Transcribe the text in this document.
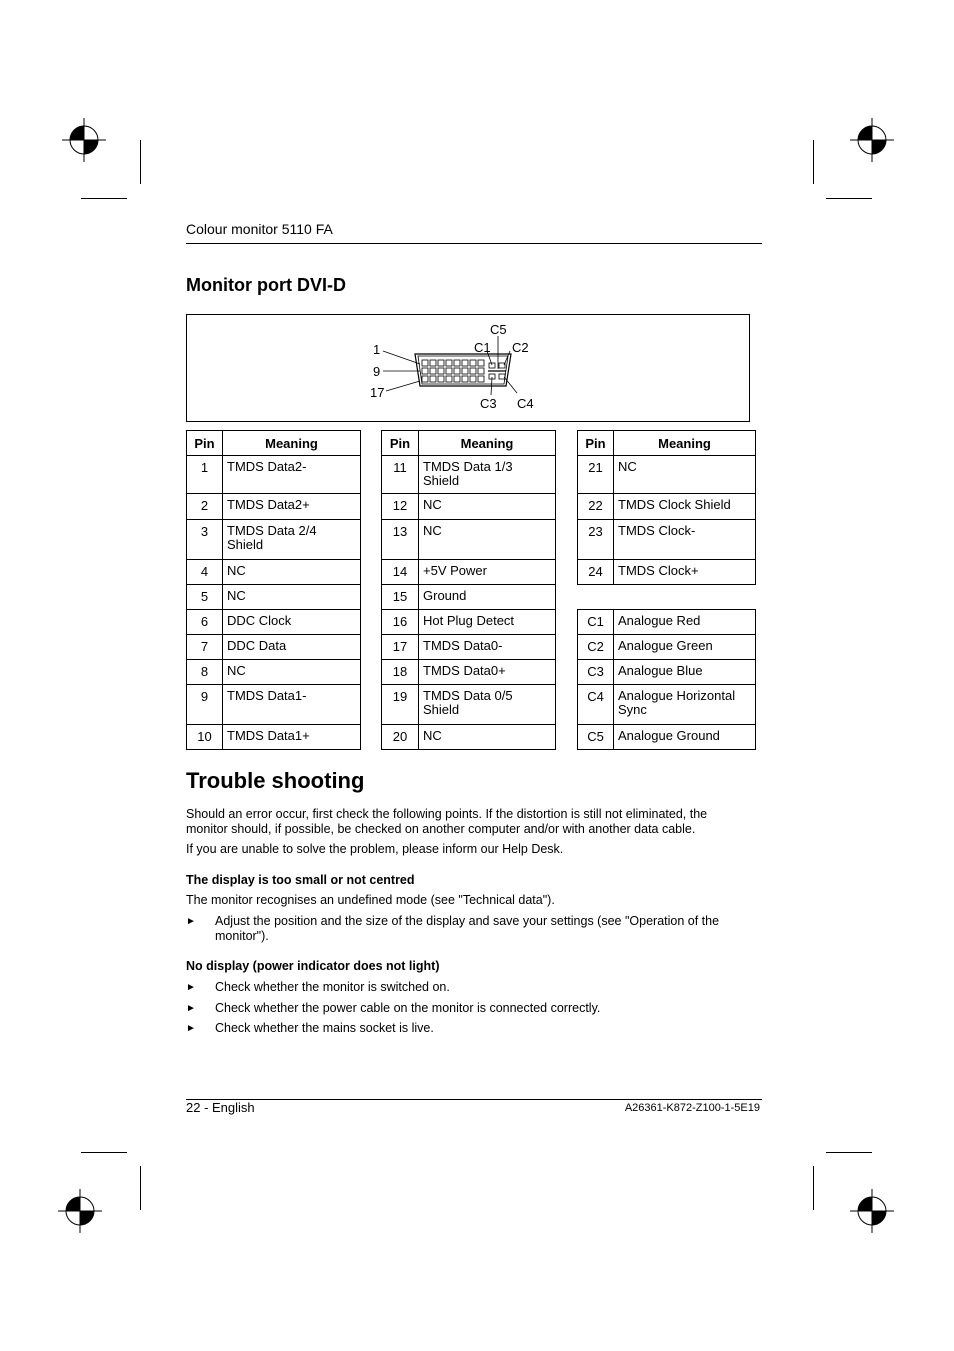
Colour monitor 5110 FA
Monitor port DVI-D
1
9
17
C5
C1 C2
C3 C4
Pin	Meaning
1	TMDS Data2-
2	TMDS Data2+
3	TMDS Data 2/4 Shield
4	NC
5	NC
6	DDC Clock
7	DDC Data
8	NC
9	TMDS Data1-
10	TMDS Data1+
Pin	Meaning
11	TMDS Data 1/3 Shield
12	NC
13	NC
14	+5V Power
15	Ground
16	Hot Plug Detect
17	TMDS Data0-
18	TMDS Data0+
19	TMDS Data 0/5 Shield
20	NC
Pin	Meaning
21	NC
22	TMDS Clock Shield
23	TMDS Clock-
24	TMDS Clock+

C1	Analogue Red
C2	Analogue Green
C3	Analogue Blue
C4	Analogue Horizontal Sync
C5	Analogue Ground
Trouble shooting
Should an error occur, first check the following points. If the distortion is still not eliminated, the monitor should, if possible, be checked on another computer and/or with another data cable.
If you are unable to solve the problem, please inform our Help Desk.
The display is too small or not centred
The monitor recognises an undefined mode (see "Technical data").
► Adjust the position and the size of the display and save your settings (see "Operation of the monitor").
No display (power indicator does not light)
► Check whether the monitor is switched on.
► Check whether the power cable on the monitor is connected correctly.
► Check whether the mains socket is live.
22 - English	A26361-K872-Z100-1-5E19
